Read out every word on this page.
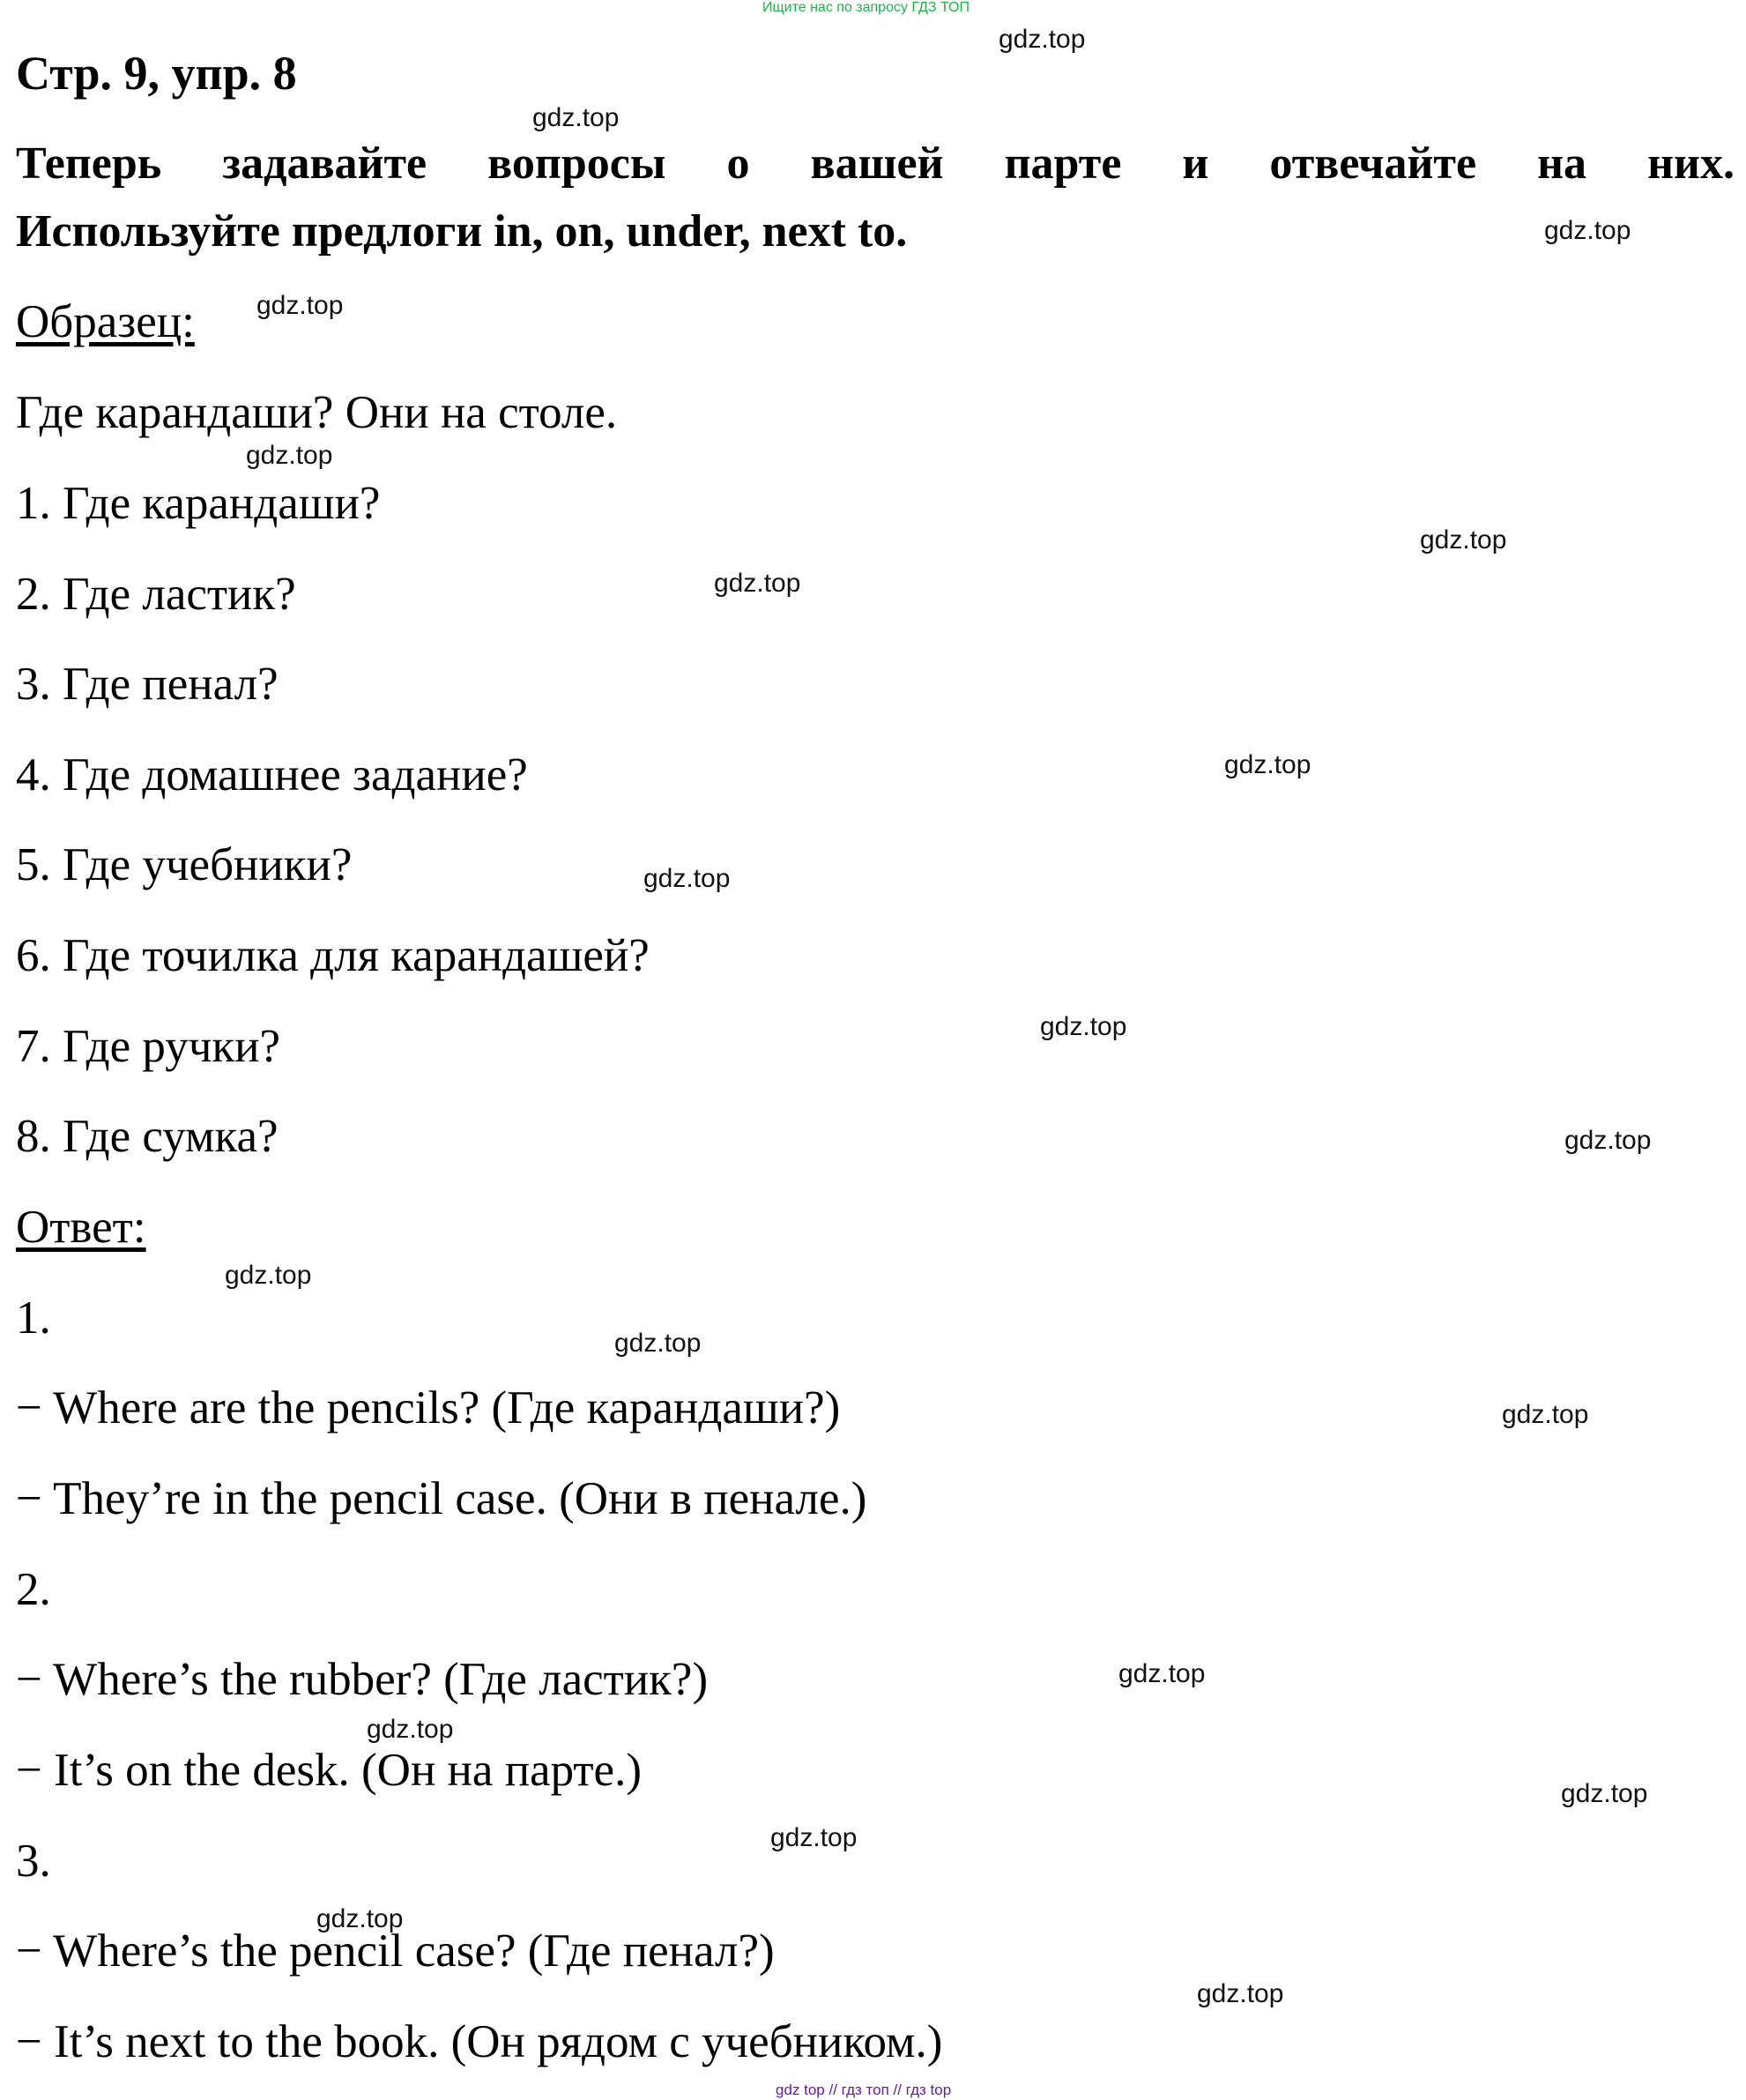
Ищите нас по запросу ГДЗ ТОП
Стр. 9, упр. 8
Теперь задавайте вопросы о вашей парте и отвечайте на них.
Используйте предлоги in, on, under, next to.
Образец:
Где карандаши? Они на столе.
1. Где карандаши?
2. Где ластик?
3. Где пенал?
4. Где домашнее задание?
5. Где учебники?
6. Где точилка для карандашей?
7. Где ручки?
8. Где сумка?
Ответ:
1.
− Where are the pencils? (Где карандаши?)
− They’re in the pencil case. (Они в пенале.)
2.
− Where’s the rubber? (Где ластик?)
− It’s on the desk. (Он на парте.)
3.
− Where’s the pencil case? (Где пенал?)
− It’s next to the book. (Он рядом с учебником.)
gdz.top
gdz.top
gdz.top
gdz.top
gdz.top
gdz.top
gdz.top
gdz.top
gdz.top
gdz.top
gdz.top
gdz.top
gdz.top
gdz.top
gdz.top
gdz.top
gdz.top
gdz.top
gdz.top
gdz.top
gdz top // гдз топ // гдз top
